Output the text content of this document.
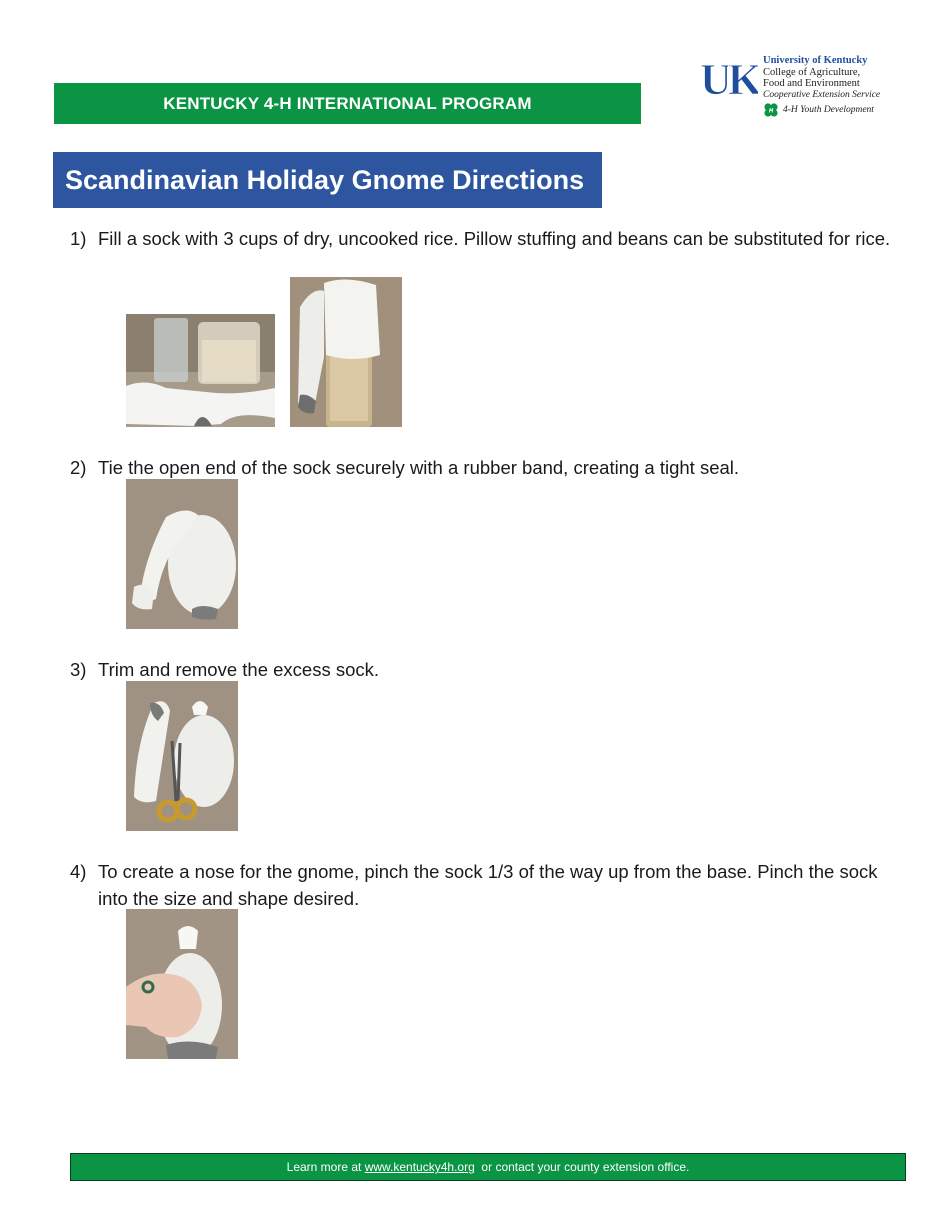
KENTUCKY 4-H INTERNATIONAL PROGRAM	UK University of Kentucky
College of Agriculture,
Food and Environment
Cooperative Extension Service
H 4-H Youth Development
Scandinavian Holiday Gnome Directions
1) Fill a sock with 3 cups of dry, uncooked rice. Pillow stuffing and beans can be substituted for rice.
2) Tie the open end of the sock securely with a rubber band, creating a tight seal.
3) Trim and remove the excess sock.
4) To create a nose for the gnome, pinch the sock 1/3 of the way up from the base. Pinch the sock into the size and shape desired.
Learn more at www.kentucky4h.org or contact your county extension office.
